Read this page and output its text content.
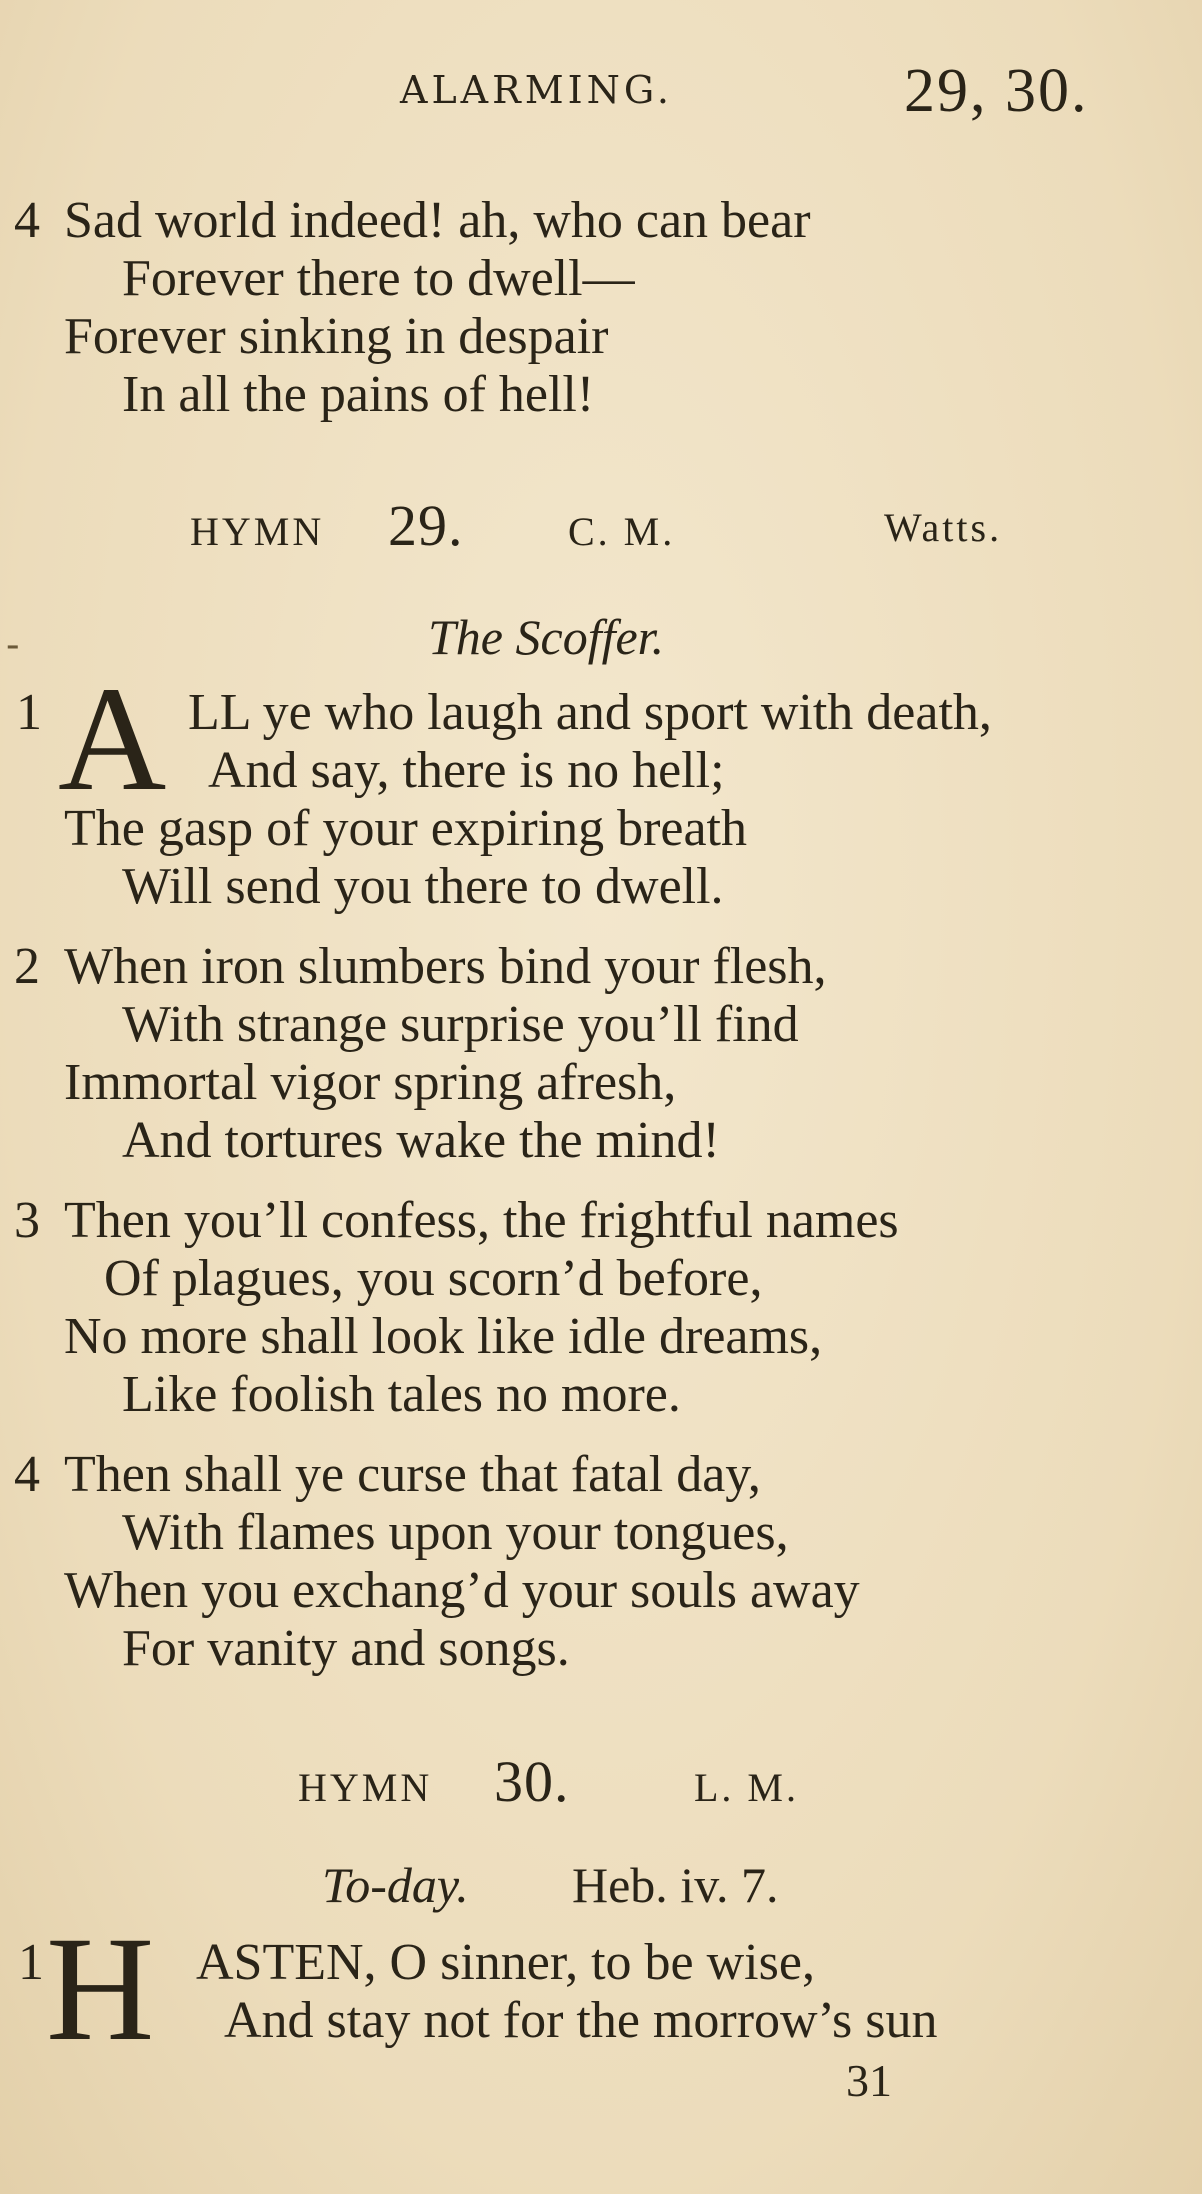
ALARMING.	29, 30.
4 Sad world indeed! ah, who can bear
Forever there to dwell—
Forever sinking in despair
In all the pains of hell!
HYMN 29.	C. M.	Watts.
-	The Scoffer.
1 A LL ye who laugh and sport with death,
And say, there is no hell;
The gasp of your expiring breath
Will send you there to dwell.
2 When iron slumbers bind your flesh,
With strange surprise you’ll find
Immortal vigor spring afresh,
And tortures wake the mind!
3 Then you’ll confess, the frightful names
Of plagues, you scorn’d before,
No more shall look like idle dreams,
Like foolish tales no more.
4 Then shall ye curse that fatal day,
With flames upon your tongues,
When you exchang’d your souls away
For vanity and songs.
HYMN 30.	L. M.
To-day. Heb. iv. 7.
1 H ASTEN, O sinner, to be wise,
And stay not for the morrow’s sun
31
